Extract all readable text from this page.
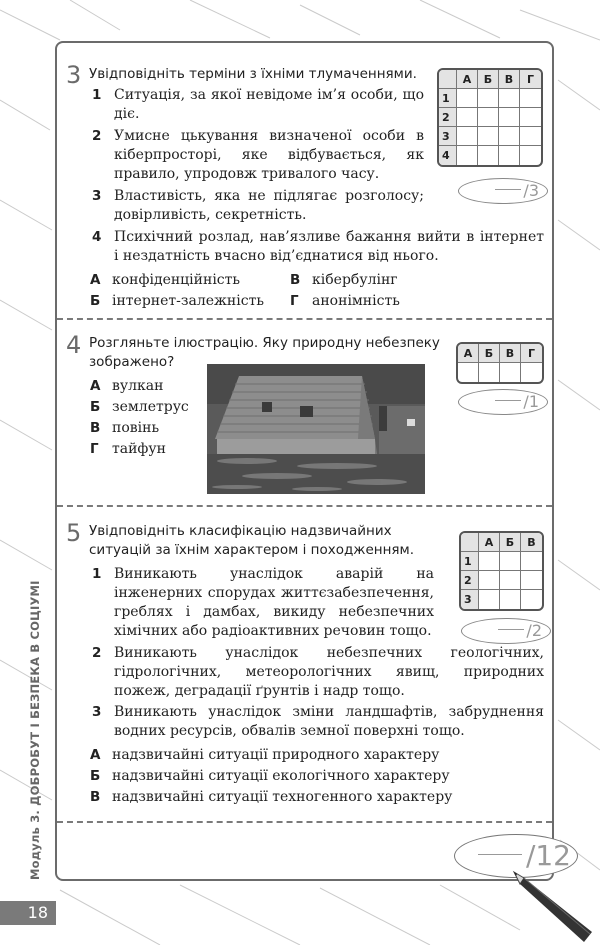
3 Увідповідніть терміни з їхніми тлумаченнями.
1 Ситуація, за якої невідоме ім’я особи, що діє.
2 Умисне цькування визначеної особи в кіберпросторі, яке відбувається, як правило, упродовж тривалого часу.
3 Властивість, яка не підлягає розголосу; довірливість, секретність.
4 Психічний розлад, нав’язливе бажання вийти в інтернет і нездатність вчасно від’єднатися від нього.
А конфіденційність
Б інтернет-залежність
В кібербулінг
Г анонімність
	А	Б	В	Г
1				
2				
3				
4				
/3
4 Розгляньте ілюстрацію. Яку природну небезпеку зображено?
А вулкан
Б землетрус
В повінь
Г тайфун
А	Б	В	Г

/1
5 Увідповідніть класифікацію надзвичайних ситуацій за їхнім характером і походженням.
1 Виникають унаслідок аварій на інженерних спорудах життєзабезпечення, греблях і дамбах, викиду небезпечних хімічних або радіоактивних речовин тощо.
2 Виникають унаслідок небезпечних геологічних, гідрологічних, метеорологічних явищ, природних пожеж, деградації ґрунтів і надр тощо.
3 Виникають унаслідок зміни ландшафтів, забруднення водних ресурсів, обвалів земної поверхні тощо.
А надзвичайні ситуації природного характеру
Б надзвичайні ситуації екологічного характеру
В надзвичайні ситуації техногенного характеру
	А	Б	В
1			
2			
3			
/2
/12
Модуль 3. ДОБРОБУТ І БЕЗПЕКА В СОЦІУМІ
18
